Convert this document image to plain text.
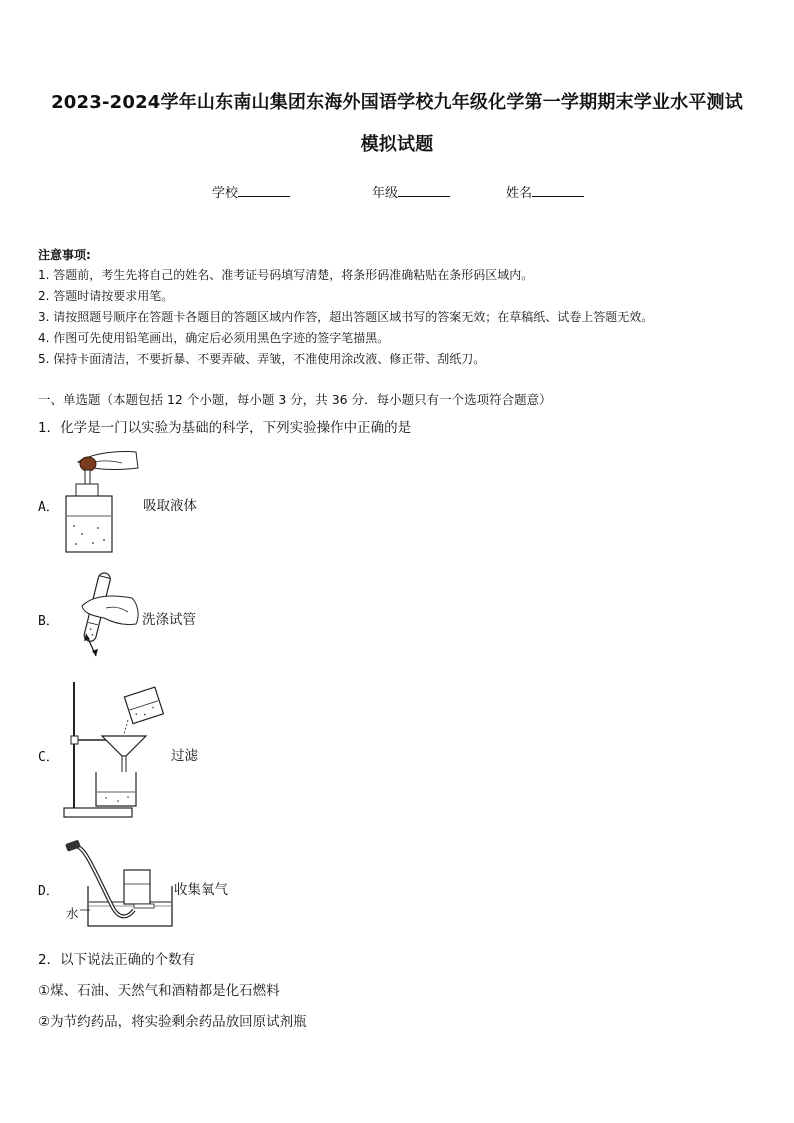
2023-2024学年山东南山集团东海外国语学校九年级化学第一学期期末学业水平测试
模拟试题
学校	年级	姓名
注意事项:
1. 答题前，考生先将自己的姓名、准考证号码填写清楚，将条形码准确粘贴在条形码区域内。
2. 答题时请按要求用笔。
3. 请按照题号顺序在答题卡各题目的答题区域内作答，超出答题区域书写的答案无效；在草稿纸、试卷上答题无效。
4. 作图可先使用铅笔画出，确定后必须用黑色字迹的签字笔描黑。
5. 保持卡面清洁，不要折暴、不要弄破、弄皱，不准使用涂改液、修正带、刮纸刀。
一、单选题（本题包括 12 个小题，每小题 3 分，共 36 分．每小题只有一个选项符合题意）
1．化学是一门以实验为基础的科学，下列实验操作中正确的是
A．	吸取液体
B．	洗涤试管
C．	过滤
D．	收集氧气
水
2．以下说法正确的个数有
①煤、石油、天然气和酒精都是化石燃料
②为节约药品，将实验剩余药品放回原试剂瓶
